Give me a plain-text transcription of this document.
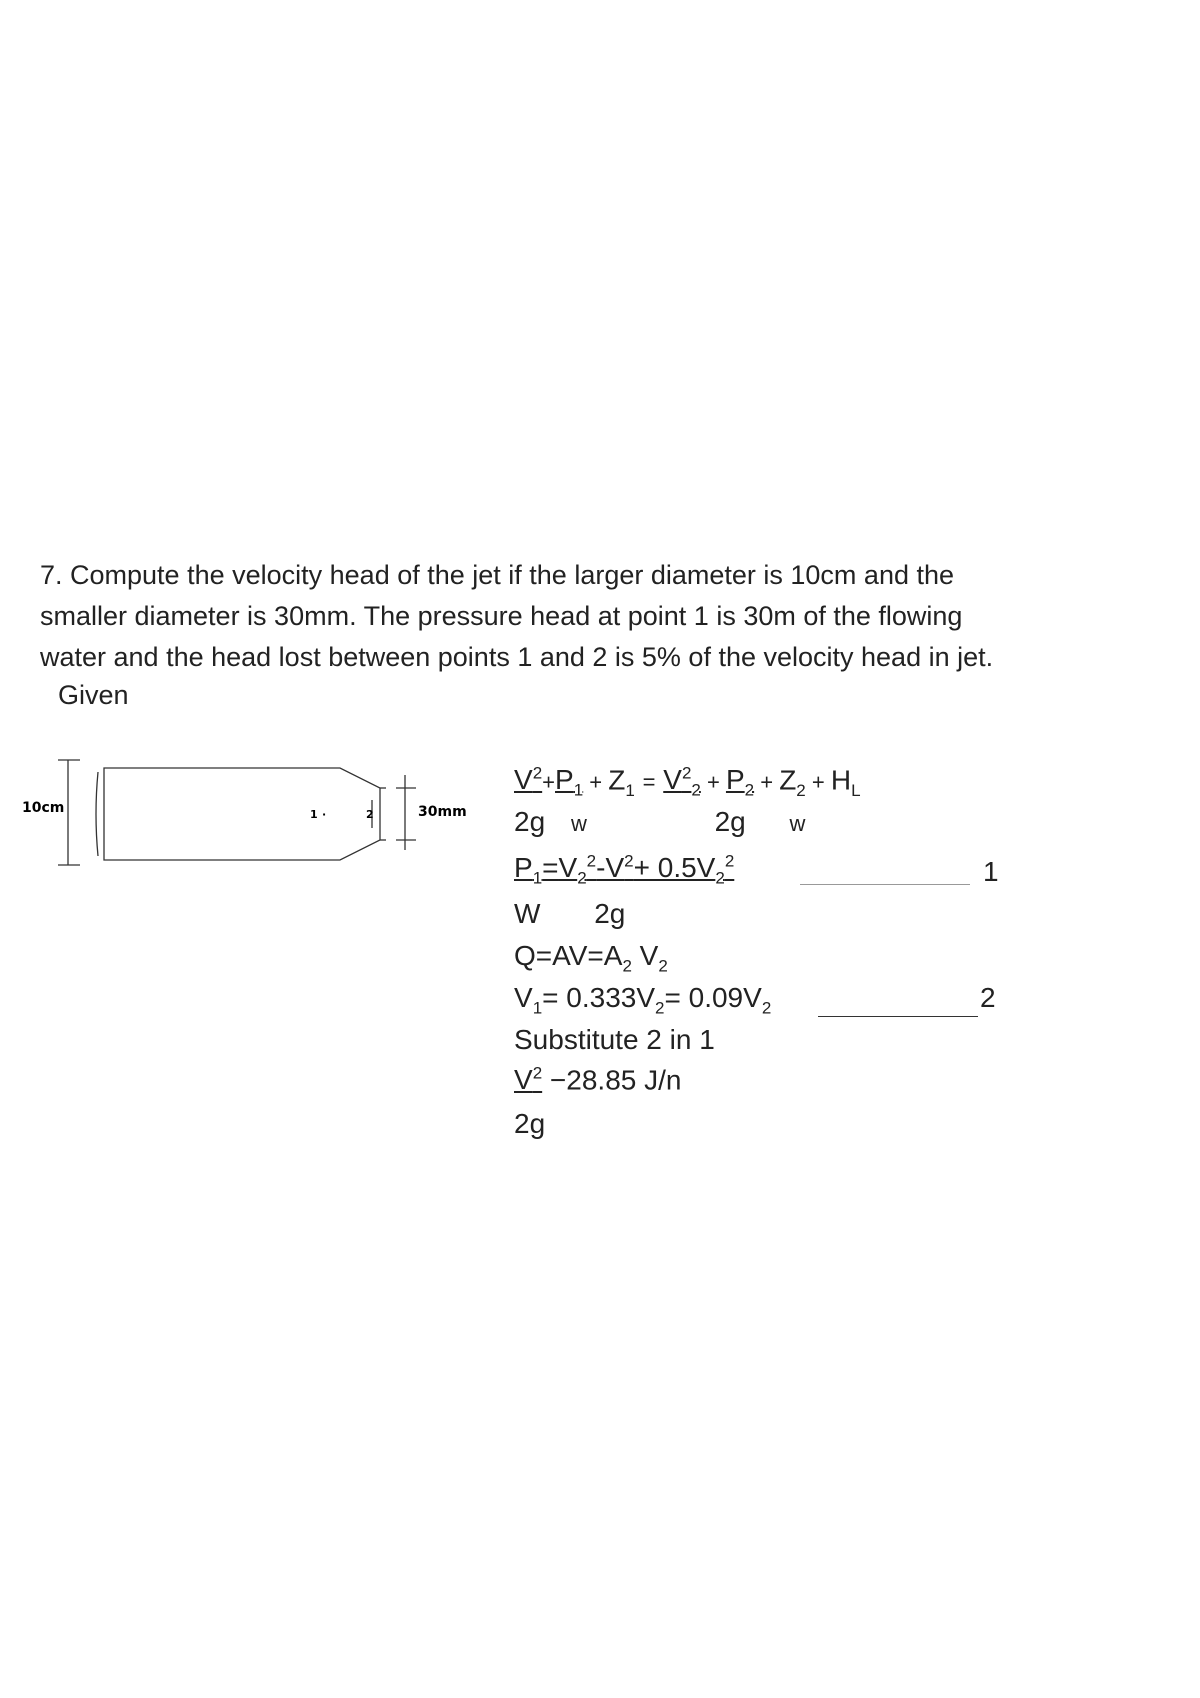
7. Compute the velocity head of the jet if the larger diameter is 10cm and the

smaller diameter is 30mm. The pressure head at point 1 is 30m of the flowing

water and the head lost between points 1 and 2 is 5% of the velocity head in jet.

Given
10cm	30mm
1 ·	2
$V^2+P_1 + Z_1 = V^2_2 + P_2 + Z_2 + H_L$
2g w	2g w
$P_1=V_2^2-V^2+ 0.5V_2^2$	1
W 2g
$Q=AV=A_2$ $V_2$
$V_1= 0.333V_2= 0.09V_2$	2
Substitute 2 in 1
$V^2 -28.85$ J/n
2g
